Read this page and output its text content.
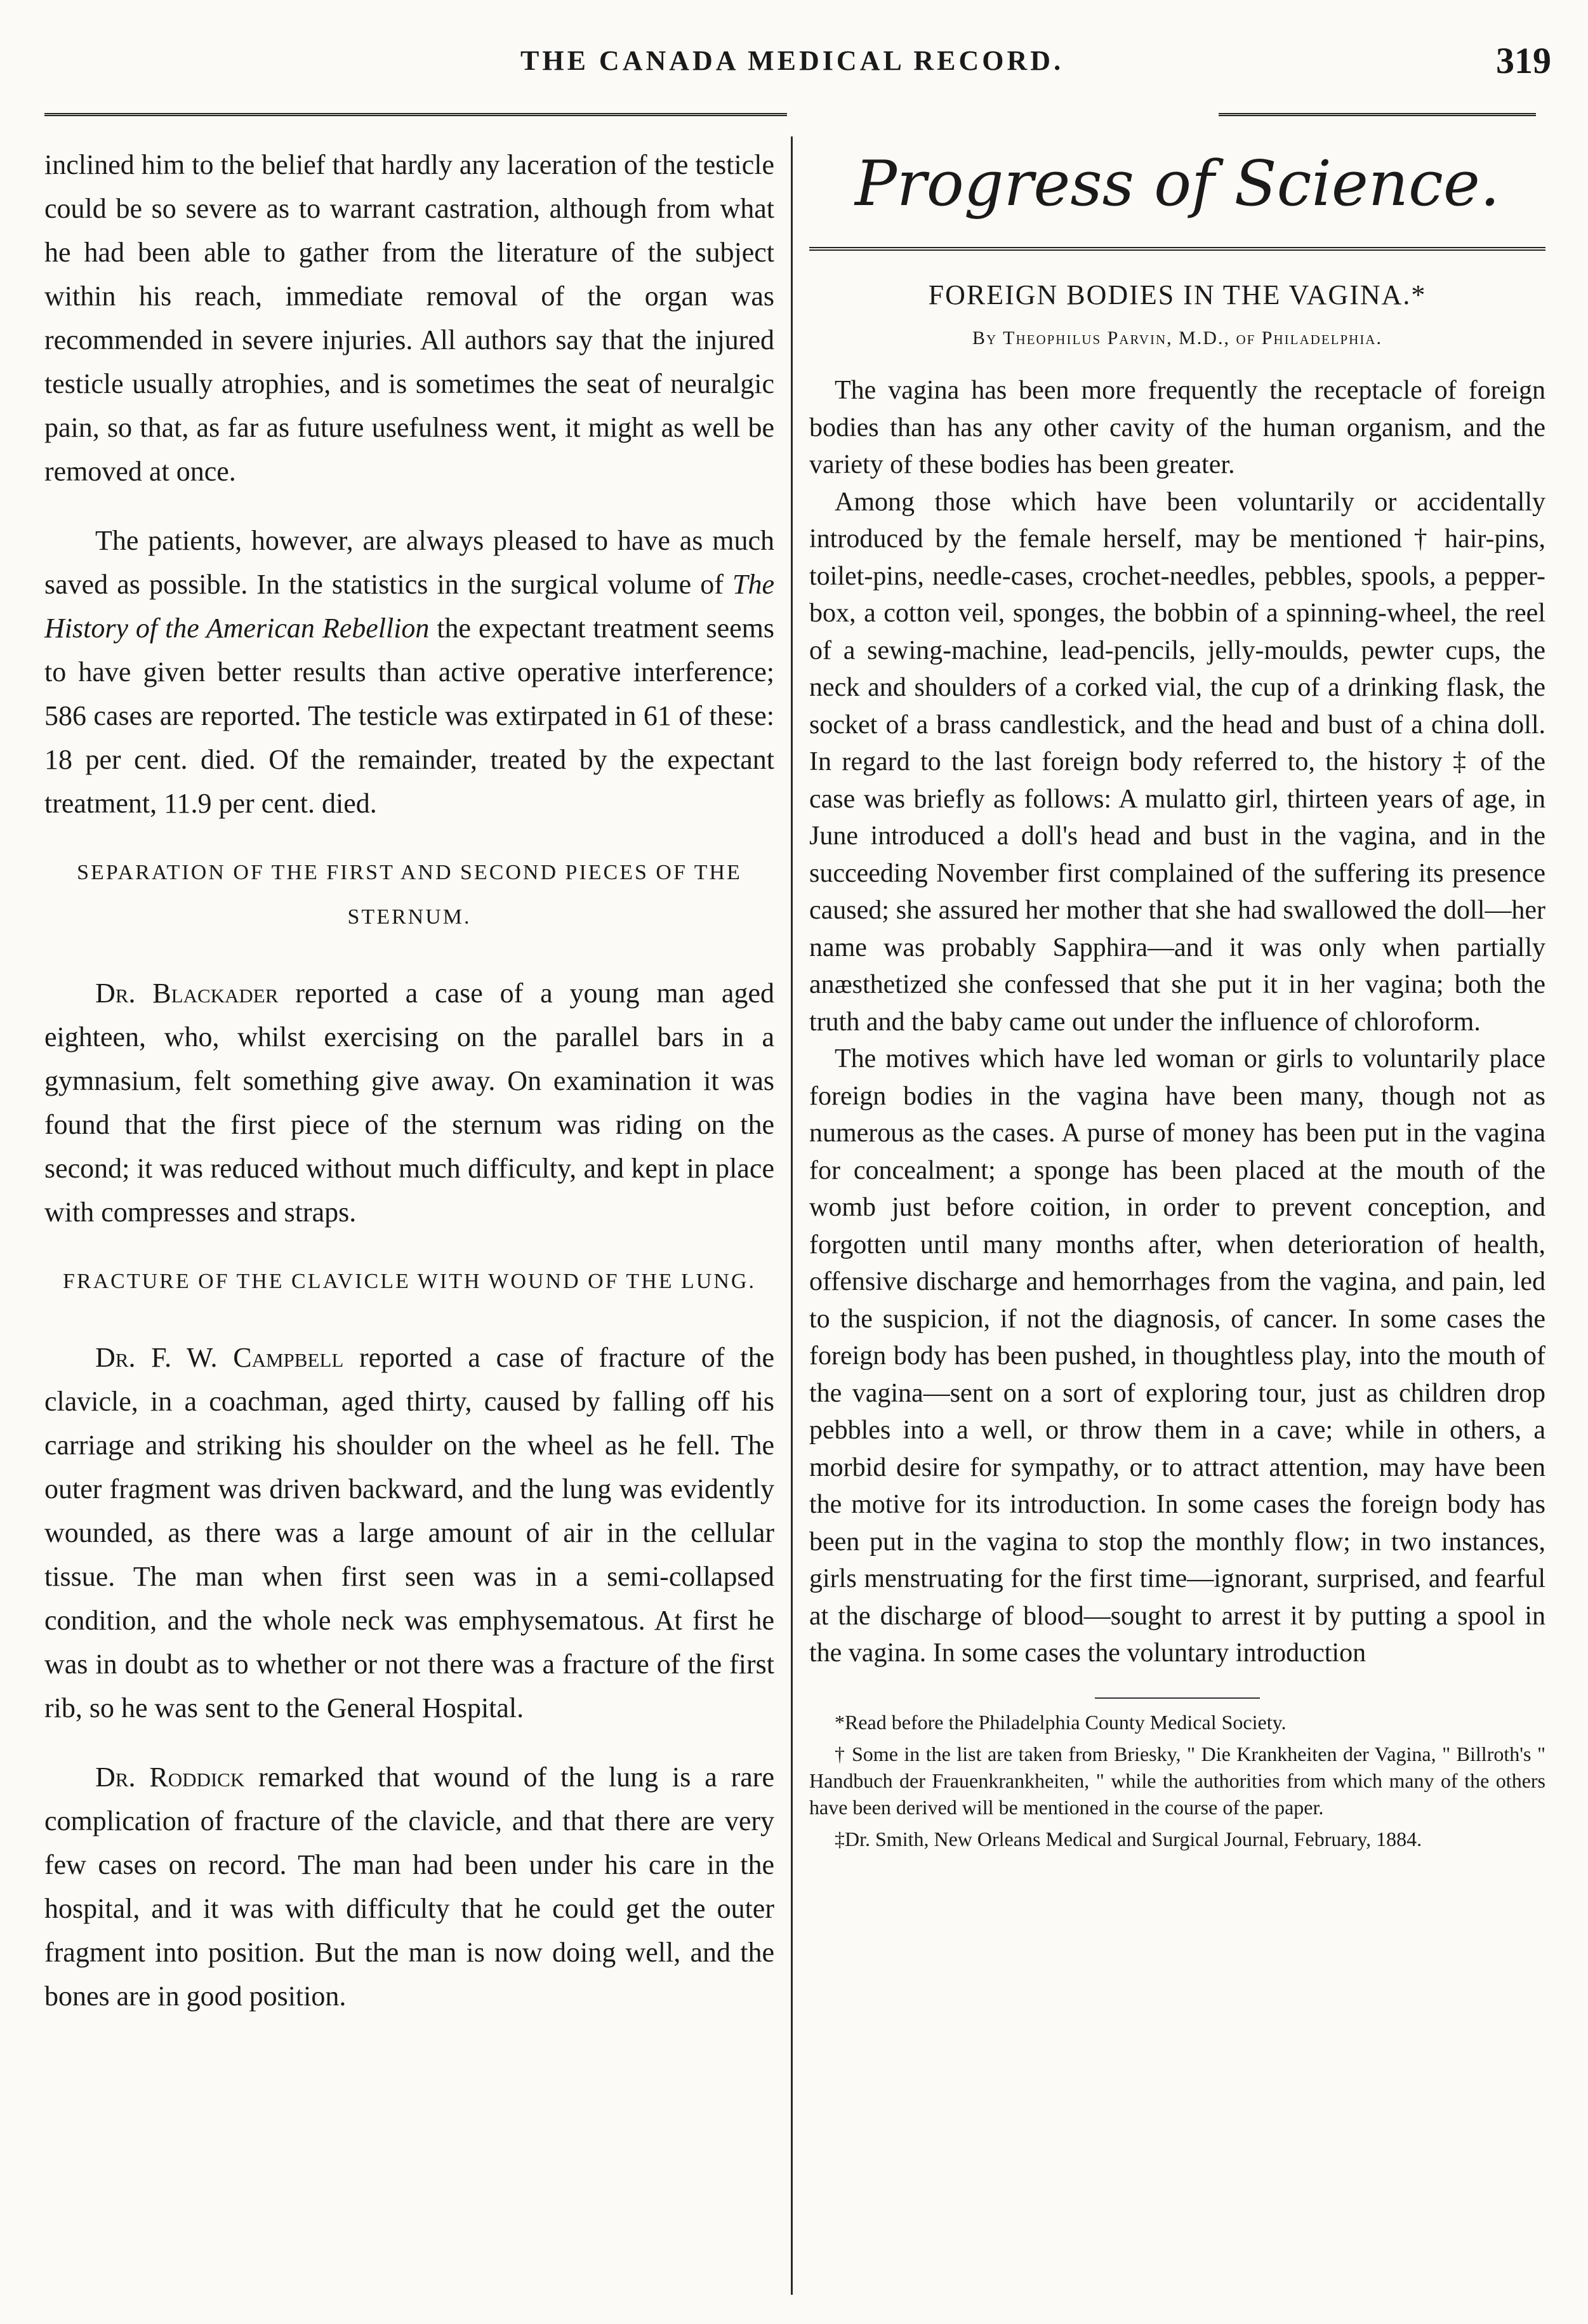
THE CANADA MEDICAL RECORD.	319

inclined him to the belief that hardly any laceration of the testicle could be so severe as to warrant castration, although from what he had been able to gather from the literature of the subject within his reach, immediate removal of the organ was recommended in severe injuries. All authors say that the injured testicle usually atrophies, and is sometimes the seat of neuralgic pain, so that, as far as future usefulness went, it might as well be removed at once.

The patients, however, are always pleased to have as much saved as possible. In the statistics in the surgical volume of The History of the American Rebellion the expectant treatment seems to have given better results than active operative interference; 586 cases are reported. The testicle was extirpated in 61 of these: 18 per cent. died. Of the remainder, treated by the expectant treatment, 11.9 per cent. died.

SEPARATION OF THE FIRST AND SECOND PIECES OF THE STERNUM.

Dr. Blackader reported a case of a young man aged eighteen, who, whilst exercising on the parallel bars in a gymnasium, felt something give away. On examination it was found that the first piece of the sternum was riding on the second; it was reduced without much difficulty, and kept in place with compresses and straps.

FRACTURE OF THE CLAVICLE WITH WOUND OF THE LUNG.

Dr. F. W. Campbell reported a case of fracture of the clavicle, in a coachman, aged thirty, caused by falling off his carriage and striking his shoulder on the wheel as he fell. The outer fragment was driven backward, and the lung was evidently wounded, as there was a large amount of air in the cellular tissue. The man when first seen was in a semi-collapsed condition, and the whole neck was emphysematous. At first he was in doubt as to whether or not there was a fracture of the first rib, so he was sent to the General Hospital.

Dr. Roddick remarked that wound of the lung is a rare complication of fracture of the clavicle, and that there are very few cases on record. The man had been under his care in the hospital, and it was with difficulty that he could get the outer fragment into position. But the man is now doing well, and the bones are in good position.

Progress of Science.
FOREIGN BODIES IN THE VAGINA.*
By Theophilus Parvin, M.D., of Philadelphia.

The vagina has been more frequently the receptacle of foreign bodies than has any other cavity of the human organism, and the variety of these bodies has been greater.

Among those which have been voluntarily or accidentally introduced by the female herself, may be mentioned † hair-pins, toilet-pins, needle-cases, crochet-needles, pebbles, spools, a pepper-box, a cotton veil, sponges, the bobbin of a spinning-wheel, the reel of a sewing-machine, lead-pencils, jelly-moulds, pewter cups, the neck and shoulders of a corked vial, the cup of a drinking flask, the socket of a brass candlestick, and the head and bust of a china doll. In regard to the last foreign body referred to, the history ‡ of the case was briefly as follows: A mulatto girl, thirteen years of age, in June introduced a doll's head and bust in the vagina, and in the succeeding November first complained of the suffering its presence caused; she assured her mother that she had swallowed the doll—her name was probably Sapphira—and it was only when partially anæsthetized she confessed that she put it in her vagina; both the truth and the baby came out under the influence of chloroform.

The motives which have led woman or girls to voluntarily place foreign bodies in the vagina have been many, though not as numerous as the cases. A purse of money has been put in the vagina for concealment; a sponge has been placed at the mouth of the womb just before coition, in order to prevent conception, and forgotten until many months after, when deterioration of health, offensive discharge and hemorrhages from the vagina, and pain, led to the suspicion, if not the diagnosis, of cancer. In some cases the foreign body has been pushed, in thoughtless play, into the mouth of the vagina—sent on a sort of exploring tour, just as children drop pebbles into a well, or throw them in a cave; while in others, a morbid desire for sympathy, or to attract attention, may have been the motive for its introduction. In some cases the foreign body has been put in the vagina to stop the monthly flow; in two instances, girls menstruating for the first time—ignorant, surprised, and fearful at the discharge of blood—sought to arrest it by putting a spool in the vagina. In some cases the voluntary introduction

*Read before the Philadelphia County Medical Society.

† Some in the list are taken from Briesky, " Die Krankheiten der Vagina, " Billroth's " Handbuch der Frauenkrankheiten, " while the authorities from which many of the others have been derived will be mentioned in the course of the paper.

‡Dr. Smith, New Orleans Medical and Surgical Journal, February, 1884.
